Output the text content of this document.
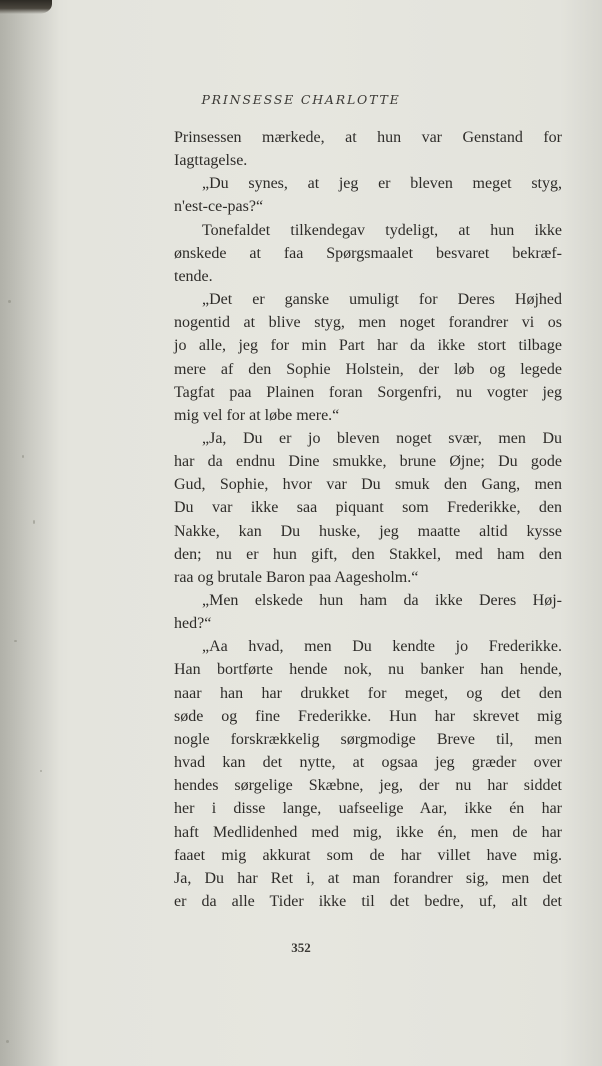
PRINSESSE CHARLOTTE
Prinsessen mærkede, at hun var Genstand for
Iagttagelse.
„Du synes, at jeg er bleven meget styg,
n'est-ce-pas?“
Tonefaldet tilkendegav tydeligt, at hun ikke
ønskede at faa Spørgsmaalet besvaret bekræf-
tende.
„Det er ganske umuligt for Deres Højhed
nogentid at blive styg, men noget forandrer vi os
jo alle, jeg for min Part har da ikke stort tilbage
mere af den Sophie Holstein, der løb og legede
Tagfat paa Plainen foran Sorgenfri, nu vogter jeg
mig vel for at løbe mere.“
„Ja, Du er jo bleven noget svær, men Du
har da endnu Dine smukke, brune Øjne; Du gode
Gud, Sophie, hvor var Du smuk den Gang, men
Du var ikke saa piquant som Frederikke, den
Nakke, kan Du huske, jeg maatte altid kysse
den; nu er hun gift, den Stakkel, med ham den
raa og brutale Baron paa Aagesholm.“
„Men elskede hun ham da ikke Deres Høj-
hed?“
„Aa hvad, men Du kendte jo Frederikke.
Han bortførte hende nok, nu banker han hende,
naar han har drukket for meget, og det den
søde og fine Frederikke. Hun har skrevet mig
nogle forskrækkelig sørgmodige Breve til, men
hvad kan det nytte, at ogsaa jeg græder over
hendes sørgelige Skæbne, jeg, der nu har siddet
her i disse lange, uafseelige Aar, ikke én har
haft Medlidenhed med mig, ikke én, men de har
faaet mig akkurat som de har villet have mig.
Ja, Du har Ret i, at man forandrer sig, men det
er da alle Tider ikke til det bedre, uf, alt det
352
